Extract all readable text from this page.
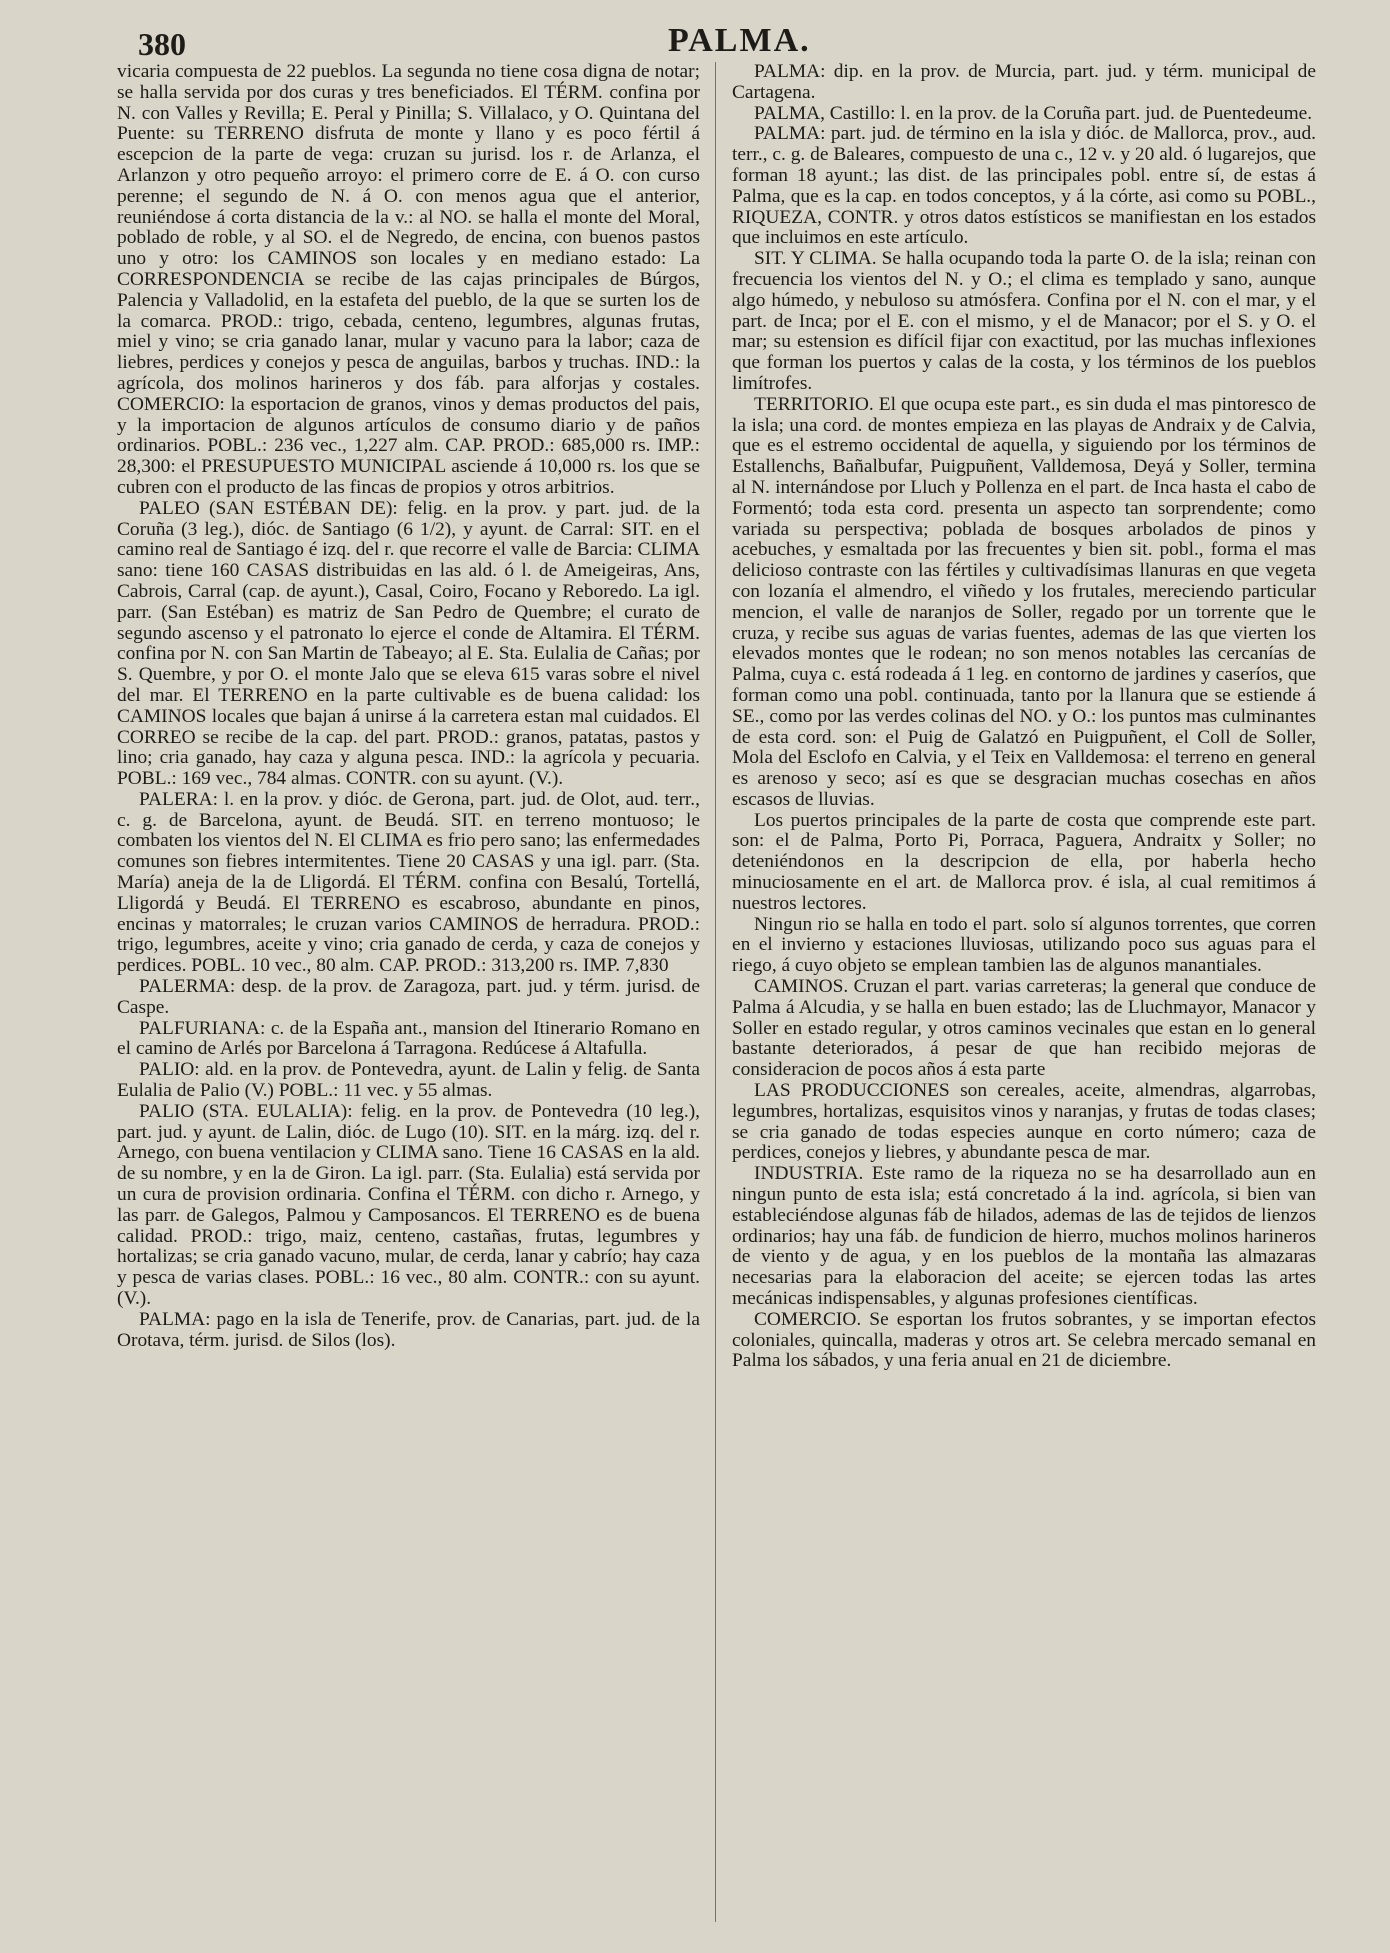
380	PALMA.

vicaria compuesta de 22 pueblos. La segunda no tiene cosa digna de notar; se halla servida por dos curas y tres beneficiados. El TÉRM. confina por N. con Valles y Revilla; E. Peral y Pinilla; S. Villalaco, y O. Quintana del Puente: su TERRENO disfruta de monte y llano y es poco fértil á escepcion de la parte de vega: cruzan su jurisd. los r. de Arlanza, el Arlanzon y otro pequeño arroyo: el primero corre de E. á O. con curso perenne; el segundo de N. á O. con menos agua que el anterior, reuniéndose á corta distancia de la v.: al NO. se halla el monte del Moral, poblado de roble, y al SO. el de Negredo, de encina, con buenos pastos uno y otro: los CAMINOS son locales y en mediano estado: La CORRESPONDENCIA se recibe de las cajas principales de Búrgos, Palencia y Valladolid, en la estafeta del pueblo, de la que se surten los de la comarca. PROD.: trigo, cebada, centeno, legumbres, algunas frutas, miel y vino; se cria ganado lanar, mular y vacuno para la labor; caza de liebres, perdices y conejos y pesca de anguilas, barbos y truchas. IND.: la agrícola, dos molinos harineros y dos fáb. para alforjas y costales. COMERCIO: la esportacion de granos, vinos y demas productos del pais, y la importacion de algunos artículos de consumo diario y de paños ordinarios. POBL.: 236 vec., 1,227 alm. CAP. PROD.: 685,000 rs. IMP.: 28,300: el PRESUPUESTO MUNICIPAL asciende á 10,000 rs. los que se cubren con el producto de las fincas de propios y otros arbitrios.

PALEO (SAN ESTÉBAN DE): felig. en la prov. y part. jud. de la Coruña (3 leg.), dióc. de Santiago (6 1/2), y ayunt. de Carral: SIT. en el camino real de Santiago é izq. del r. que recorre el valle de Barcia: CLIMA sano: tiene 160 CASAS distribuidas en las ald. ó l. de Ameigeiras, Ans, Cabrois, Carral (cap. de ayunt.), Casal, Coiro, Focano y Reboredo. La igl. parr. (San Estéban) es matriz de San Pedro de Quembre; el curato de segundo ascenso y el patronato lo ejerce el conde de Altamira. El TÉRM. confina por N. con San Martin de Tabeayo; al E. Sta. Eulalia de Cañas; por S. Quembre, y por O. el monte Jalo que se eleva 615 varas sobre el nivel del mar. El TERRENO en la parte cultivable es de buena calidad: los CAMINOS locales que bajan á unirse á la carretera estan mal cuidados. El CORREO se recibe de la cap. del part. PROD.: granos, patatas, pastos y lino; cria ganado, hay caza y alguna pesca. IND.: la agrícola y pecuaria. POBL.: 169 vec., 784 almas. CONTR. con su ayunt. (V.).

PALERA: l. en la prov. y dióc. de Gerona, part. jud. de Olot, aud. terr., c. g. de Barcelona, ayunt. de Beudá. SIT. en terreno montuoso; le combaten los vientos del N. El CLIMA es frio pero sano; las enfermedades comunes son fiebres intermitentes. Tiene 20 CASAS y una igl. parr. (Sta. María) aneja de la de Lligordá. El TÉRM. confina con Besalú, Tortellá, Lligordá y Beudá. El TERRENO es escabroso, abundante en pinos, encinas y matorrales; le cruzan varios CAMINOS de herradura. PROD.: trigo, legumbres, aceite y vino; cria ganado de cerda, y caza de conejos y perdices. POBL. 10 vec., 80 alm. CAP. PROD.: 313,200 rs. IMP. 7,830

PALERMA: desp. de la prov. de Zaragoza, part. jud. y térm. jurisd. de Caspe.

PALFURIANA: c. de la España ant., mansion del Itinerario Romano en el camino de Arlés por Barcelona á Tarragona. Redúcese á Altafulla.

PALIO: ald. en la prov. de Pontevedra, ayunt. de Lalin y felig. de Santa Eulalia de Palio (V.) POBL.: 11 vec. y 55 almas.

PALIO (STA. EULALIA): felig. en la prov. de Pontevedra (10 leg.), part. jud. y ayunt. de Lalin, dióc. de Lugo (10). SIT. en la márg. izq. del r. Arnego, con buena ventilacion y CLIMA sano. Tiene 16 CASAS en la ald. de su nombre, y en la de Giron. La igl. parr. (Sta. Eulalia) está servida por un cura de provision ordinaria. Confina el TÉRM. con dicho r. Arnego, y las parr. de Galegos, Palmou y Camposancos. El TERRENO es de buena calidad. PROD.: trigo, maiz, centeno, castañas, frutas, legumbres y hortalizas; se cria ganado vacuno, mular, de cerda, lanar y cabrío; hay caza y pesca de varias clases. POBL.: 16 vec., 80 alm. CONTR.: con su ayunt. (V.).

PALMA: pago en la isla de Tenerife, prov. de Canarias, part. jud. de la Orotava, térm. jurisd. de Silos (los).

PALMA: dip. en la prov. de Murcia, part. jud. y térm. municipal de Cartagena.

PALMA, Castillo: l. en la prov. de la Coruña part. jud. de Puentedeume.

PALMA: part. jud. de término en la isla y dióc. de Mallorca, prov., aud. terr., c. g. de Baleares, compuesto de una c., 12 v. y 20 ald. ó lugarejos, que forman 18 ayunt.; las dist. de las principales pobl. entre sí, de estas á Palma, que es la cap. en todos conceptos, y á la córte, asi como su POBL., RIQUEZA, CONTR. y otros datos estísticos se manifiestan en los estados que incluimos en este artículo.

SIT. Y CLIMA. Se halla ocupando toda la parte O. de la isla; reinan con frecuencia los vientos del N. y O.; el clima es templado y sano, aunque algo húmedo, y nebuloso su atmósfera. Confina por el N. con el mar, y el part. de Inca; por el E. con el mismo, y el de Manacor; por el S. y O. el mar; su estension es difícil fijar con exactitud, por las muchas inflexiones que forman los puertos y calas de la costa, y los términos de los pueblos limítrofes.

TERRITORIO. El que ocupa este part., es sin duda el mas pintoresco de la isla; una cord. de montes empieza en las playas de Andraix y de Calvia, que es el estremo occidental de aquella, y siguiendo por los términos de Estallenchs, Bañalbufar, Puigpuñent, Valldemosa, Deyá y Soller, termina al N. internándose por Lluch y Pollenza en el part. de Inca hasta el cabo de Formentó; toda esta cord. presenta un aspecto tan sorprendente; como variada su perspectiva; poblada de bosques arbolados de pinos y acebuches, y esmaltada por las frecuentes y bien sit. pobl., forma el mas delicioso contraste con las fértiles y cultivadísimas llanuras en que vegeta con lozanía el almendro, el viñedo y los frutales, mereciendo particular mencion, el valle de naranjos de Soller, regado por un torrente que le cruza, y recibe sus aguas de varias fuentes, ademas de las que vierten los elevados montes que le rodean; no son menos notables las cercanías de Palma, cuya c. está rodeada á 1 leg. en contorno de jardines y caseríos, que forman como una pobl. continuada, tanto por la llanura que se estiende á SE., como por las verdes colinas del NO. y O.: los puntos mas culminantes de esta cord. son: el Puig de Galatzó en Puigpuñent, el Coll de Soller, Mola del Esclofo en Calvia, y el Teix en Valldemosa: el terreno en general es arenoso y seco; así es que se desgracian muchas cosechas en años escasos de lluvias.

Los puertos principales de la parte de costa que comprende este part. son: el de Palma, Porto Pi, Porraca, Paguera, Andraitx y Soller; no deteniéndonos en la descripcion de ella, por haberla hecho minuciosamente en el art. de Mallorca prov. é isla, al cual remitimos á nuestros lectores.

Ningun rio se halla en todo el part. solo sí algunos torrentes, que corren en el invierno y estaciones lluviosas, utilizando poco sus aguas para el riego, á cuyo objeto se emplean tambien las de algunos manantiales.

CAMINOS. Cruzan el part. varias carreteras; la general que conduce de Palma á Alcudia, y se halla en buen estado; las de Lluchmayor, Manacor y Soller en estado regular, y otros caminos vecinales que estan en lo general bastante deteriorados, á pesar de que han recibido mejoras de consideracion de pocos años á esta parte

LAS PRODUCCIONES son cereales, aceite, almendras, algarrobas, legumbres, hortalizas, esquisitos vinos y naranjas, y frutas de todas clases; se cria ganado de todas especies aunque en corto número; caza de perdices, conejos y liebres, y abundante pesca de mar.

INDUSTRIA. Este ramo de la riqueza no se ha desarrollado aun en ningun punto de esta isla; está concretado á la ind. agrícola, si bien van estableciéndose algunas fáb de hilados, ademas de las de tejidos de lienzos ordinarios; hay una fáb. de fundicion de hierro, muchos molinos harineros de viento y de agua, y en los pueblos de la montaña las almazaras necesarias para la elaboracion del aceite; se ejercen todas las artes mecánicas indispensables, y algunas profesiones científicas.

COMERCIO. Se esportan los frutos sobrantes, y se importan efectos coloniales, quincalla, maderas y otros art. Se celebra mercado semanal en Palma los sábados, y una feria anual en 21 de diciembre.
